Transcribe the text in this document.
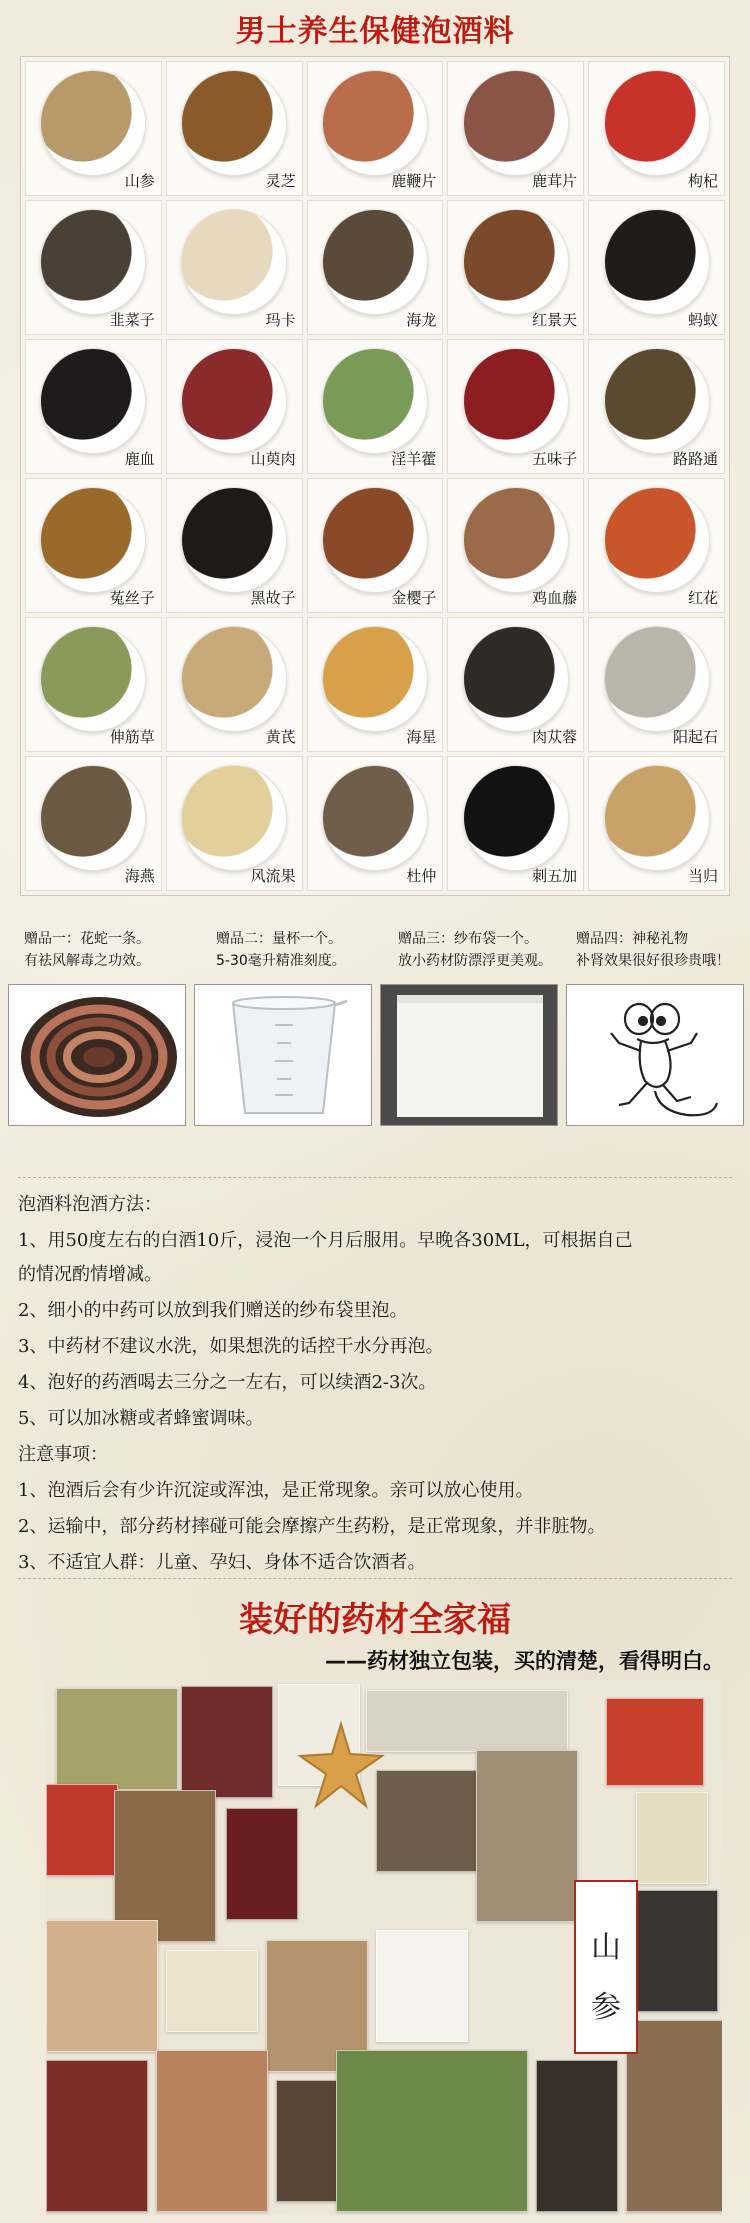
男士养生保健泡酒料
山参	灵芝	鹿鞭片	鹿茸片	枸杞
韭菜子	玛卡	海龙	红景天	蚂蚁
鹿血	山萸肉	淫羊藿	五味子	路路通
菟丝子	黑故子	金樱子	鸡血藤	红花
伸筋草	黄芪	海星	肉苁蓉	阳起石
海燕	风流果	杜仲	刺五加	当归
赠品一：花蛇一条。
有祛风解毒之功效。
赠品二：量杯一个。
5-30毫升精准刻度。
赠品三：纱布袋一个。
放小药材防漂浮更美观。
赠品四：神秘礼物
补肾效果很好很珍贵哦！
泡酒料泡酒方法：
1、用50度左右的白酒10斤，浸泡一个月后服用。早晚各30ML，可根据自己
的情况酌情增减。
2、细小的中药可以放到我们赠送的纱布袋里泡。
3、中药材不建议水洗，如果想洗的话控干水分再泡。
4、泡好的药酒喝去三分之一左右，可以续酒2-3次。
5、可以加冰糖或者蜂蜜调味。
注意事项：
1、泡酒后会有少许沉淀或浑浊，是正常现象。亲可以放心使用。
2、运输中，部分药材摔碰可能会摩擦产生药粉，是正常现象，并非脏物。
3、不适宜人群：儿童、孕妇、身体不适合饮酒者。
装好的药材全家福
——药材独立包装，买的清楚，看得明白。
山
参
